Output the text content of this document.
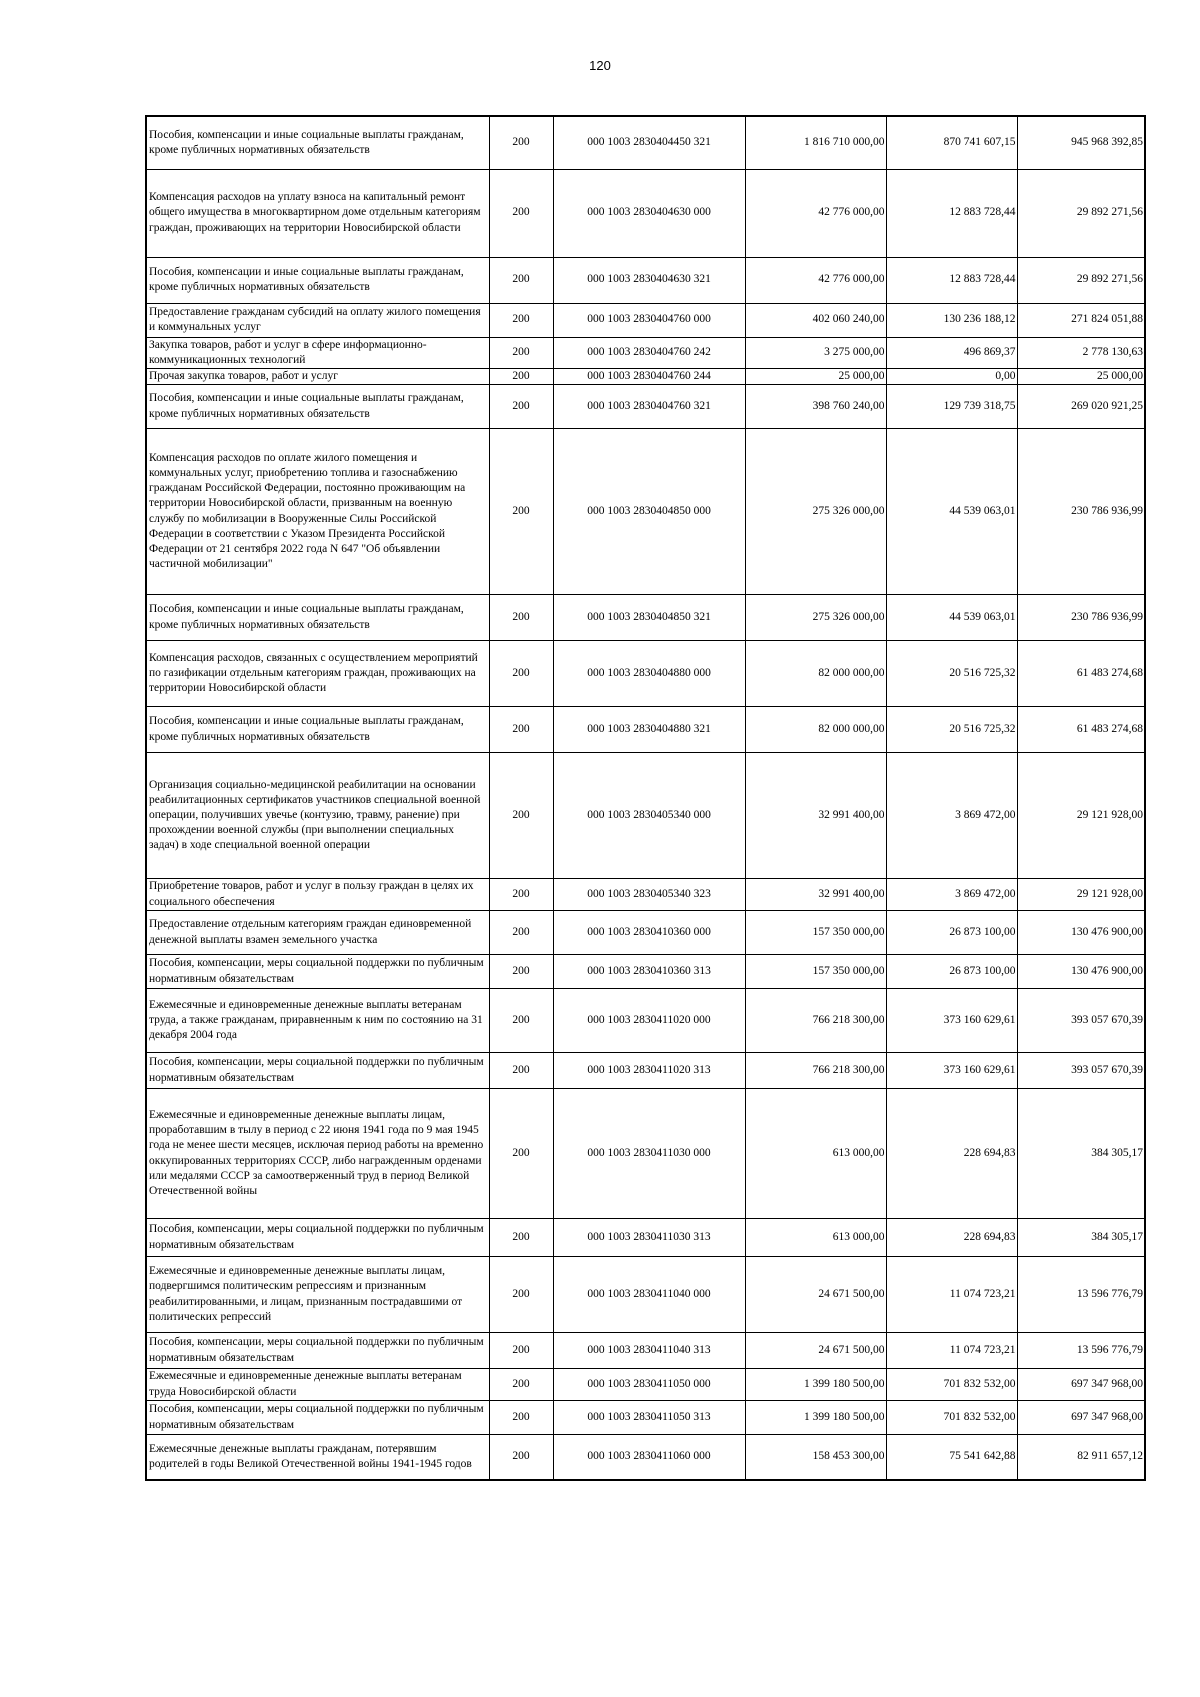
120
Пособия, компенсации и иные социальные выплаты гражданам, кроме публичных нормативных обязательств	200	000 1003 2830404450 321	1 816 710 000,00	870 741 607,15	945 968 392,85
Компенсация расходов на уплату взноса на капитальный ремонт общего имущества в многоквартирном доме отдельным категориям граждан, проживающих на территории Новосибирской области	200	000 1003 2830404630 000	42 776 000,00	12 883 728,44	29 892 271,56
Пособия, компенсации и иные социальные выплаты гражданам, кроме публичных нормативных обязательств	200	000 1003 2830404630 321	42 776 000,00	12 883 728,44	29 892 271,56
Предоставление гражданам субсидий на оплату жилого помещения и коммунальных услуг	200	000 1003 2830404760 000	402 060 240,00	130 236 188,12	271 824 051,88
Закупка товаров, работ и услуг в сфере информационно-коммуникационных технологий	200	000 1003 2830404760 242	3 275 000,00	496 869,37	2 778 130,63
Прочая закупка товаров, работ и услуг	200	000 1003 2830404760 244	25 000,00	0,00	25 000,00
Пособия, компенсации и иные социальные выплаты гражданам, кроме публичных нормативных обязательств	200	000 1003 2830404760 321	398 760 240,00	129 739 318,75	269 020 921,25
Компенсация расходов по оплате жилого помещения и коммунальных услуг, приобретению топлива и газоснабжению гражданам Российской Федерации, постоянно проживающим на территории Новосибирской области, призванным на военную службу по мобилизации в Вооруженные Силы Российской Федерации в соответствии с Указом Президента Российской Федерации от 21 сентября 2022 года N 647 "Об объявлении частичной мобилизации"	200	000 1003 2830404850 000	275 326 000,00	44 539 063,01	230 786 936,99
Пособия, компенсации и иные социальные выплаты гражданам, кроме публичных нормативных обязательств	200	000 1003 2830404850 321	275 326 000,00	44 539 063,01	230 786 936,99
Компенсация расходов, связанных с осуществлением мероприятий по газификации отдельным категориям граждан, проживающих на территории Новосибирской области	200	000 1003 2830404880 000	82 000 000,00	20 516 725,32	61 483 274,68
Пособия, компенсации и иные социальные выплаты гражданам, кроме публичных нормативных обязательств	200	000 1003 2830404880 321	82 000 000,00	20 516 725,32	61 483 274,68
Организация социально-медицинской реабилитации на основании реабилитационных сертификатов участников специальной военной операции, получивших увечье (контузию, травму, ранение) при прохождении военной службы (при выполнении специальных задач) в ходе специальной военной операции	200	000 1003 2830405340 000	32 991 400,00	3 869 472,00	29 121 928,00
Приобретение товаров, работ и услуг в пользу граждан в целях их социального обеспечения	200	000 1003 2830405340 323	32 991 400,00	3 869 472,00	29 121 928,00
Предоставление отдельным категориям граждан единовременной денежной выплаты взамен земельного участка	200	000 1003 2830410360 000	157 350 000,00	26 873 100,00	130 476 900,00
Пособия, компенсации, меры социальной поддержки по публичным нормативным обязательствам	200	000 1003 2830410360 313	157 350 000,00	26 873 100,00	130 476 900,00
Ежемесячные и единовременные денежные выплаты ветеранам труда, а также гражданам, приравненным к ним по состоянию на 31 декабря 2004 года	200	000 1003 2830411020 000	766 218 300,00	373 160 629,61	393 057 670,39
Пособия, компенсации, меры социальной поддержки по публичным нормативным обязательствам	200	000 1003 2830411020 313	766 218 300,00	373 160 629,61	393 057 670,39
Ежемесячные и единовременные денежные выплаты лицам, проработавшим в тылу в период с 22 июня 1941 года по 9 мая 1945 года не менее шести месяцев, исключая период работы на временно оккупированных территориях СССР, либо награжденным орденами или медалями СССР за самоотверженный труд в период Великой Отечественной войны	200	000 1003 2830411030 000	613 000,00	228 694,83	384 305,17
Пособия, компенсации, меры социальной поддержки по публичным нормативным обязательствам	200	000 1003 2830411030 313	613 000,00	228 694,83	384 305,17
Ежемесячные и единовременные денежные выплаты лицам, подвергшимся политическим репрессиям и признанным реабилитированными, и лицам, признанным пострадавшими от политических репрессий	200	000 1003 2830411040 000	24 671 500,00	11 074 723,21	13 596 776,79
Пособия, компенсации, меры социальной поддержки по публичным нормативным обязательствам	200	000 1003 2830411040 313	24 671 500,00	11 074 723,21	13 596 776,79
Ежемесячные и единовременные денежные выплаты ветеранам труда Новосибирской области	200	000 1003 2830411050 000	1 399 180 500,00	701 832 532,00	697 347 968,00
Пособия, компенсации, меры социальной поддержки по публичным нормативным обязательствам	200	000 1003 2830411050 313	1 399 180 500,00	701 832 532,00	697 347 968,00
Ежемесячные денежные выплаты гражданам, потерявшим родителей в годы Великой Отечественной войны 1941-1945 годов	200	000 1003 2830411060 000	158 453 300,00	75 541 642,88	82 911 657,12
